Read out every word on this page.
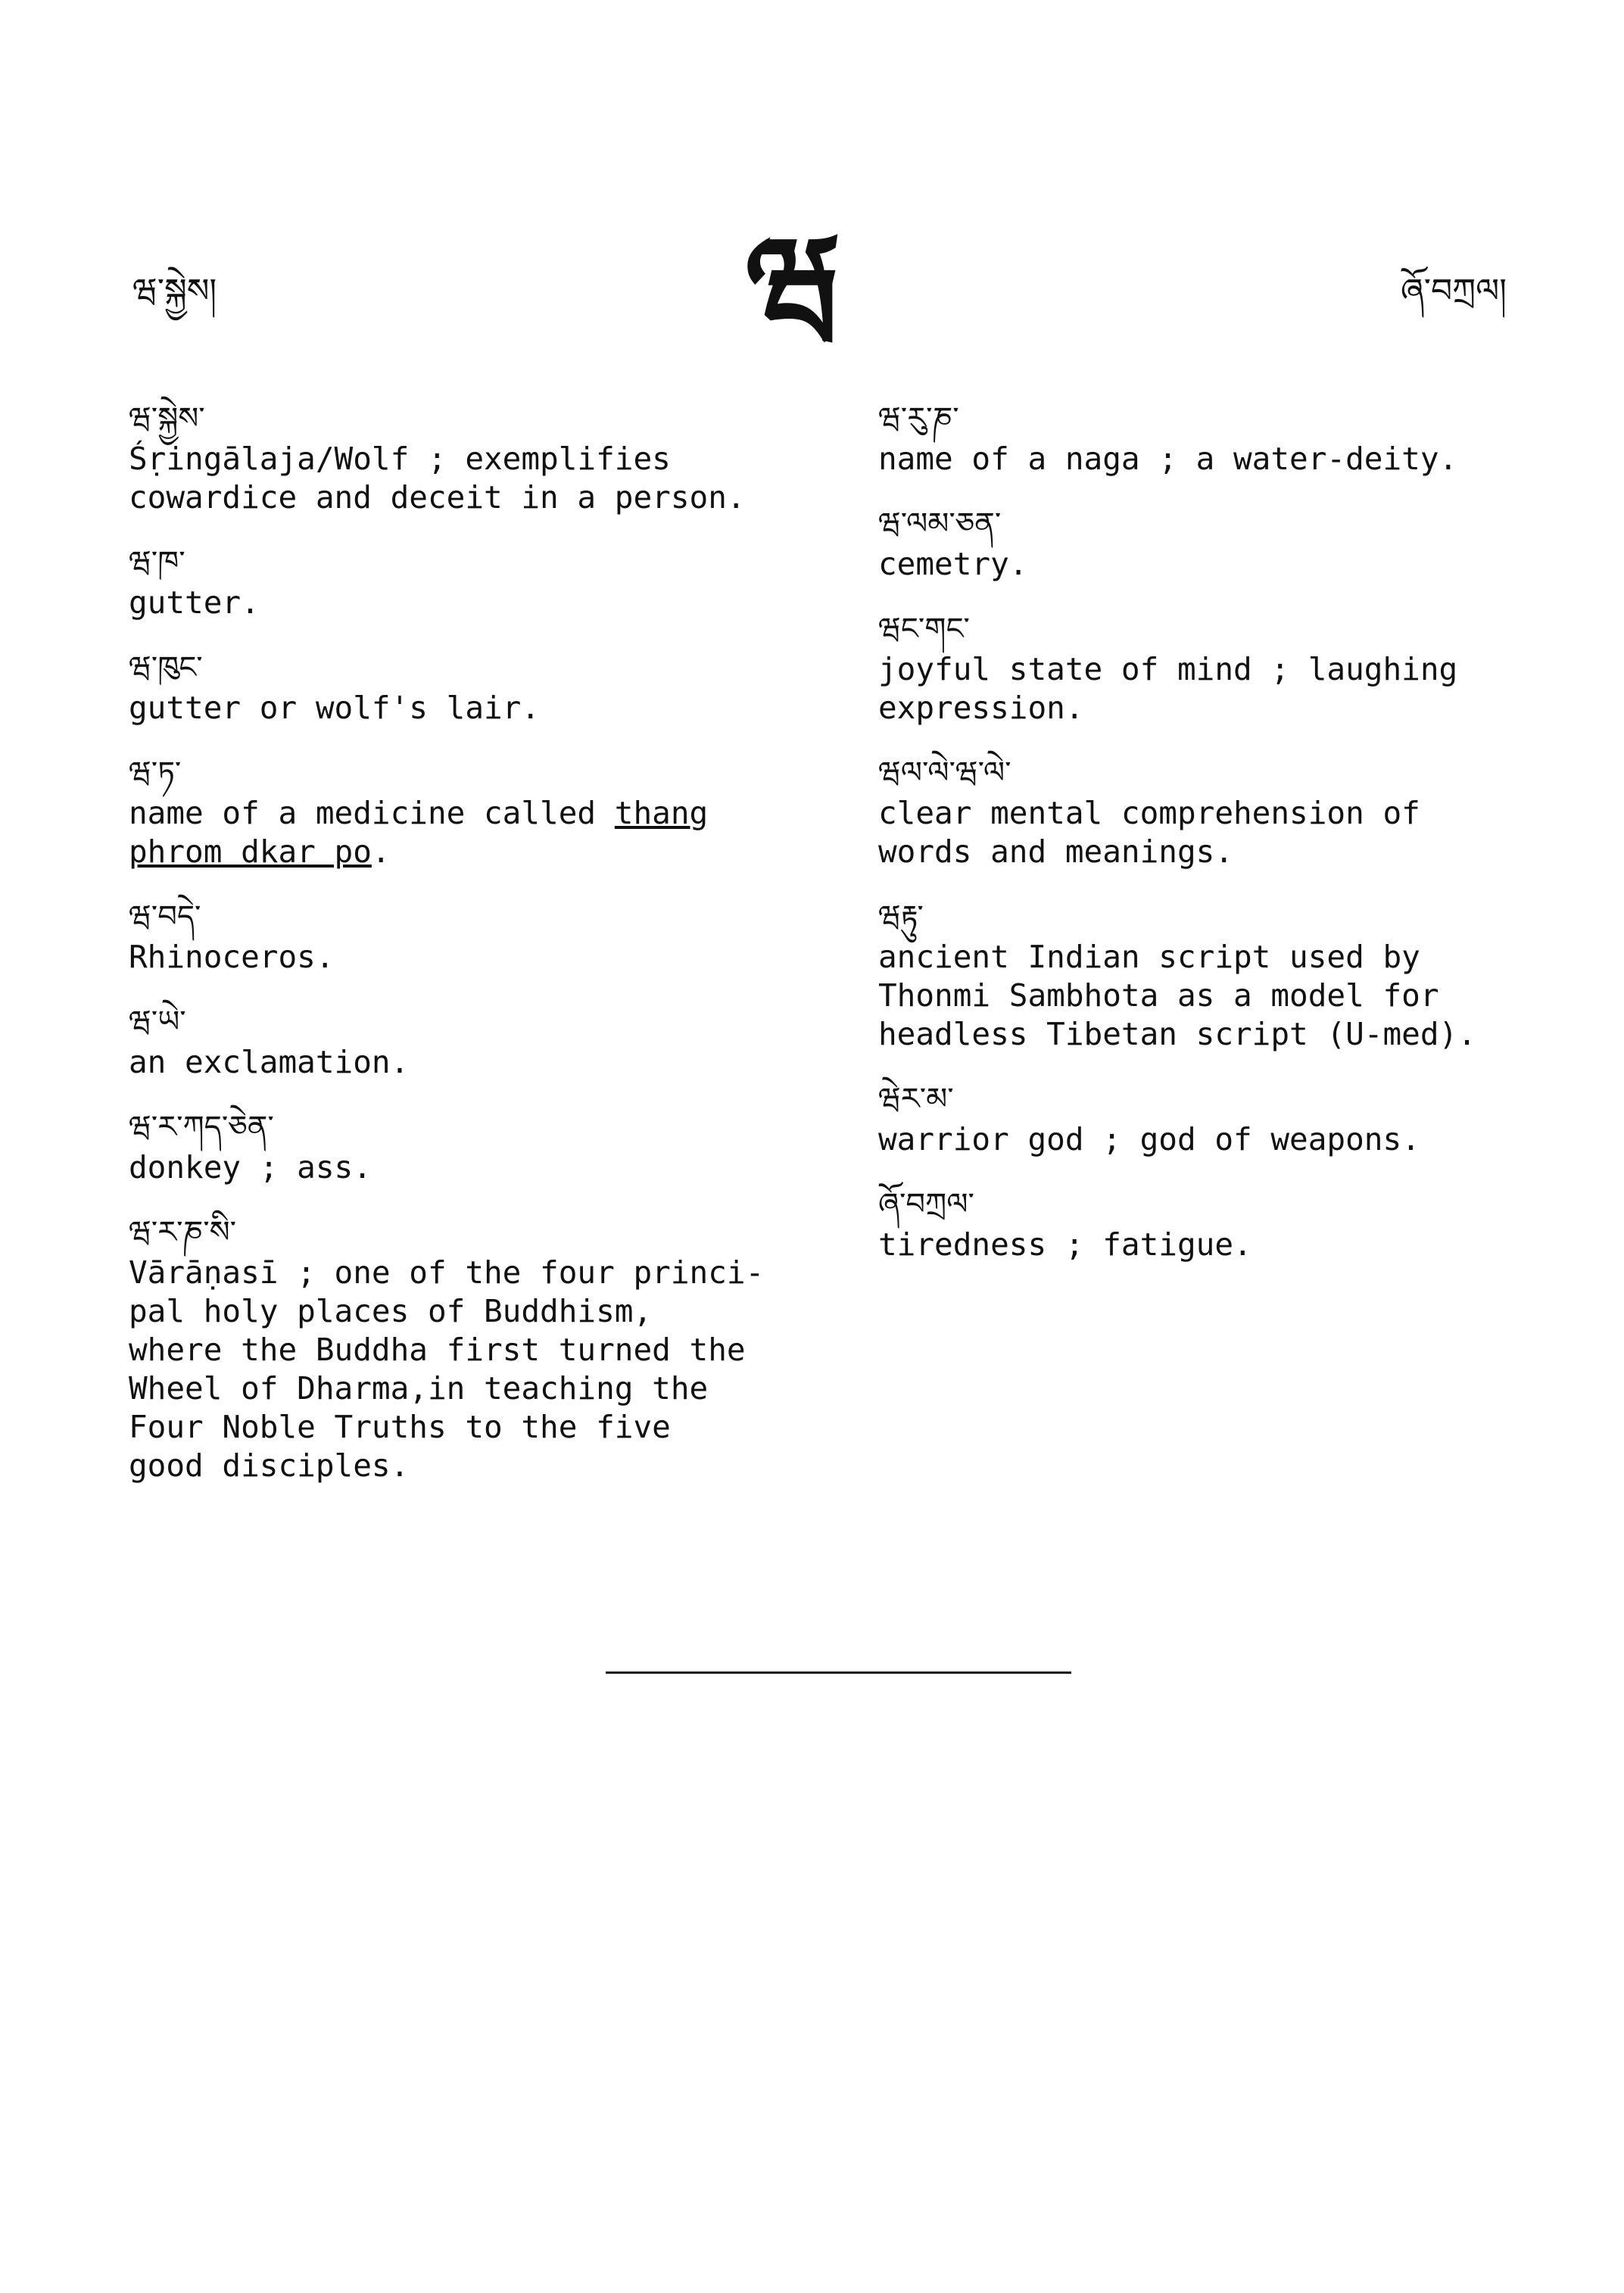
ཝ་སྐྱེས།	ཝ	ཞོ་བཀྲལ།
ཝ་སྐྱེས་
Śṛingālaja/Wolf ; exemplifies
cowardice and deceit in a person.
ཝ་ཁ་
gutter.
ཝ་ཁུང་
gutter or wolf's lair.
ཝ་ཏ་
name of a medicine called thang
phrom dkar po.
ཝ་བདེ་
Rhinoceros.
ཝ་ཡེ་
an exclamation.
ཝ་ར་ཀད་ཅེན་
donkey ; ass.
ཝ་ར་ཎ་སི་
Vārāṇasī ; one of the four princi-
pal holy places of Buddhism,
where the Buddha first turned the
Wheel of Dharma,in teaching the
Four Noble Truths to the five
good disciples.
ཝ་རུ་ཎ་
name of a naga ; a water-deity.
ཝ་ལམ་ཅན་
cemetry.
ཝང་གང་
joyful state of mind ; laughing
expression.
ཝལ་ལེ་ཝ་ལེ་
clear mental comprehension of
words and meanings.
ཝརྟུ་
ancient Indian script used by
Thonmi Sambhota as a model for
headless Tibetan script (U-med).
ཝེར་མ་
warrior god ; god of weapons.
ཞོ་བཀྲལ་
tiredness ; fatigue.
